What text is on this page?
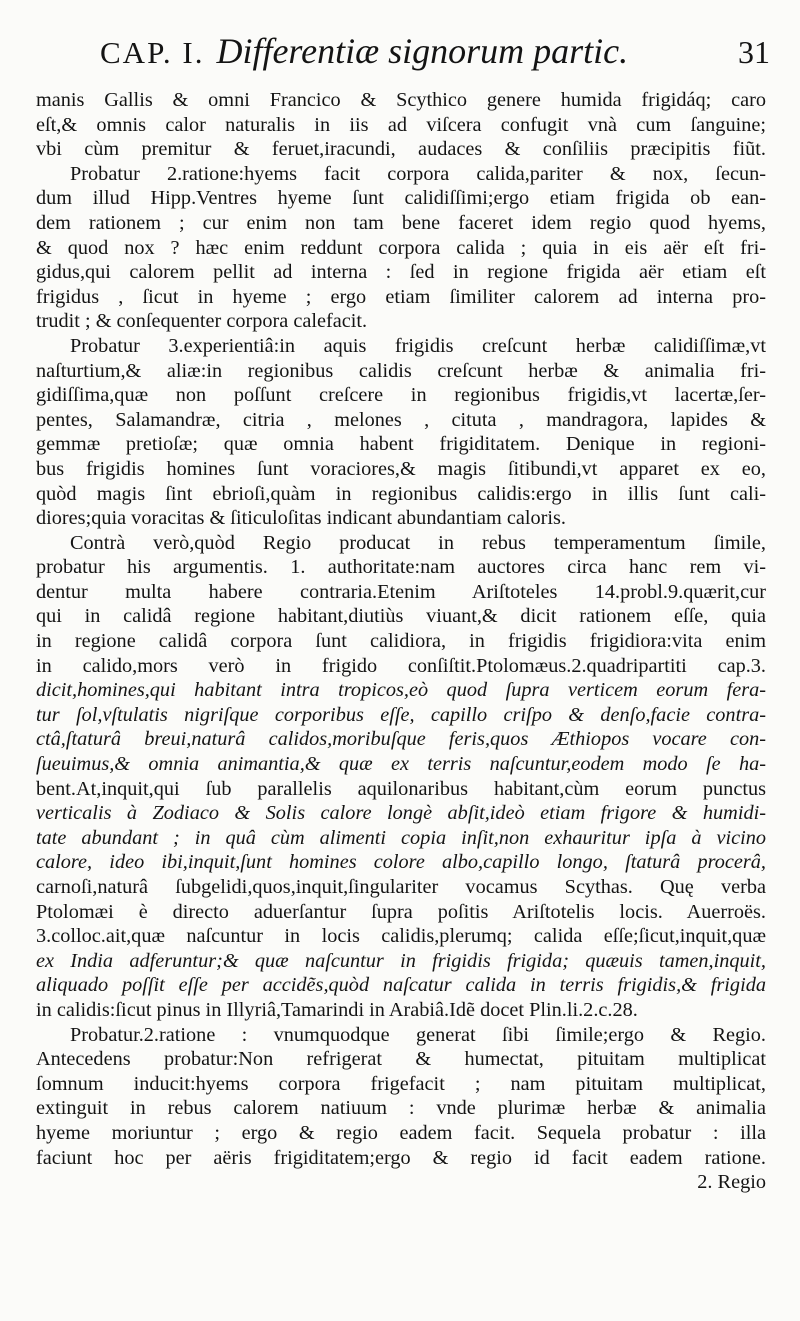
CAP. I. Differentiæ signorum partic.	31
manis Gallis & omni Francico & Scythico genere humida frigidáq; caro
eſt,& omnis calor naturalis in iis ad viſcera confugit vnà cum ſanguine;
vbi cùm premitur & feruet,iracundi, audaces & conſiliis præcipitis fiũt.
Probatur 2.ratione:hyems facit corpora calida,pariter & nox, ſecun-
dum illud Hipp.Ventres hyeme ſunt calidiſſimi;ergo etiam frigida ob ean-
dem rationem ; cur enim non tam bene faceret idem regio quod hyems,
& quod nox ? hæc enim reddunt corpora calida ; quia in eis aër eſt fri-
gidus,qui calorem pellit ad interna : ſed in regione frigida aër etiam eſt
frigidus , ſicut in hyeme ; ergo etiam ſimiliter calorem ad interna pro-
trudit ; & conſequenter corpora calefacit.
Probatur 3.experientiâ:in aquis frigidis creſcunt herbæ calidiſſimæ,vt
naſturtium,& aliæ:in regionibus calidis creſcunt herbæ & animalia fri-
gidiſſima,quæ non poſſunt creſcere in regionibus frigidis,vt lacertæ,ſer-
pentes, Salamandræ, citria , melones , cituta , mandragora, lapides &
gemmæ pretioſæ; quæ omnia habent frigiditatem. Denique in regioni-
bus frigidis homines ſunt voraciores,& magis ſitibundi,vt apparet ex eo,
quòd magis ſint ebrioſi,quàm in regionibus calidis:ergo in illis ſunt cali-
diores;quia voracitas & ſiticuloſitas indicant abundantiam caloris.
Contrà verò,quòd Regio producat in rebus temperamentum ſimile,
probatur his argumentis. 1. authoritate:nam auctores circa hanc rem vi-
dentur multa habere contraria.Etenim Ariſtoteles 14.probl.9.quærit,cur
qui in calidâ regione habitant,diutiùs viuant,& dicit rationem eſſe, quia
in regione calidâ corpora ſunt calidiora, in frigidis frigidiora:vita enim
in calido,mors verò in frigido conſiſtit.Ptolomæus.2.quadripartiti cap.3.
dicit,homines,qui habitant intra tropicos,eò quod ſupra verticem eorum fera-
tur ſol,vſtulatis nigriſque corporibus eſſe, capillo criſpo & denſo,facie contra-
ctâ,ſtaturâ breui,naturâ calidos,moribuſque feris,quos Æthiopos vocare con-
ſueuimus,& omnia animantia,& quæ ex terris naſcuntur,eodem modo ſe ha-
bent.At,inquit,qui ſub parallelis aquilonaribus habitant,cùm eorum punctus
verticalis à Zodiaco & Solis calore longè abſit,ideò etiam frigore & humidi-
tate abundant ; in quâ cùm alimenti copia inſit,non exhauritur ipſa à vicino
calore, ideo ibi,inquit,ſunt homines colore albo,capillo longo, ſtaturâ procerâ,
carnoſi,naturâ ſubgelidi,quos,inquit,ſingulariter vocamus Scythas. Quę verba
Ptolomæi è directo aduerſantur ſupra poſitis Ariſtotelis locis. Auerroës.
3.colloc.ait,quæ naſcuntur in locis calidis,plerumq; calida eſſe;ſicut,inquit,quæ
ex India adferuntur;& quæ naſcuntur in frigidis frigida; quæuis tamen,inquit,
aliquado poſſit eſſe per accidẽs,quòd naſcatur calida in terris frigidis,& frigida
in calidis:ſicut pinus in Illyriâ,Tamarindi in Arabiâ.Idẽ docet Plin.li.2.c.28.
Probatur.2.ratione : vnumquodque generat ſibi ſimile;ergo & Regio.
Antecedens probatur:Non refrigerat & humectat, pituitam multiplicat
ſomnum inducit:hyems corpora frigefacit ; nam pituitam multiplicat,
extinguit in rebus calorem natiuum : vnde plurimæ herbæ & animalia
hyeme moriuntur ; ergo & regio eadem facit. Sequela probatur : illa
faciunt hoc per aëris frigiditatem;ergo & regio id facit eadem ratione.
2. Regio
